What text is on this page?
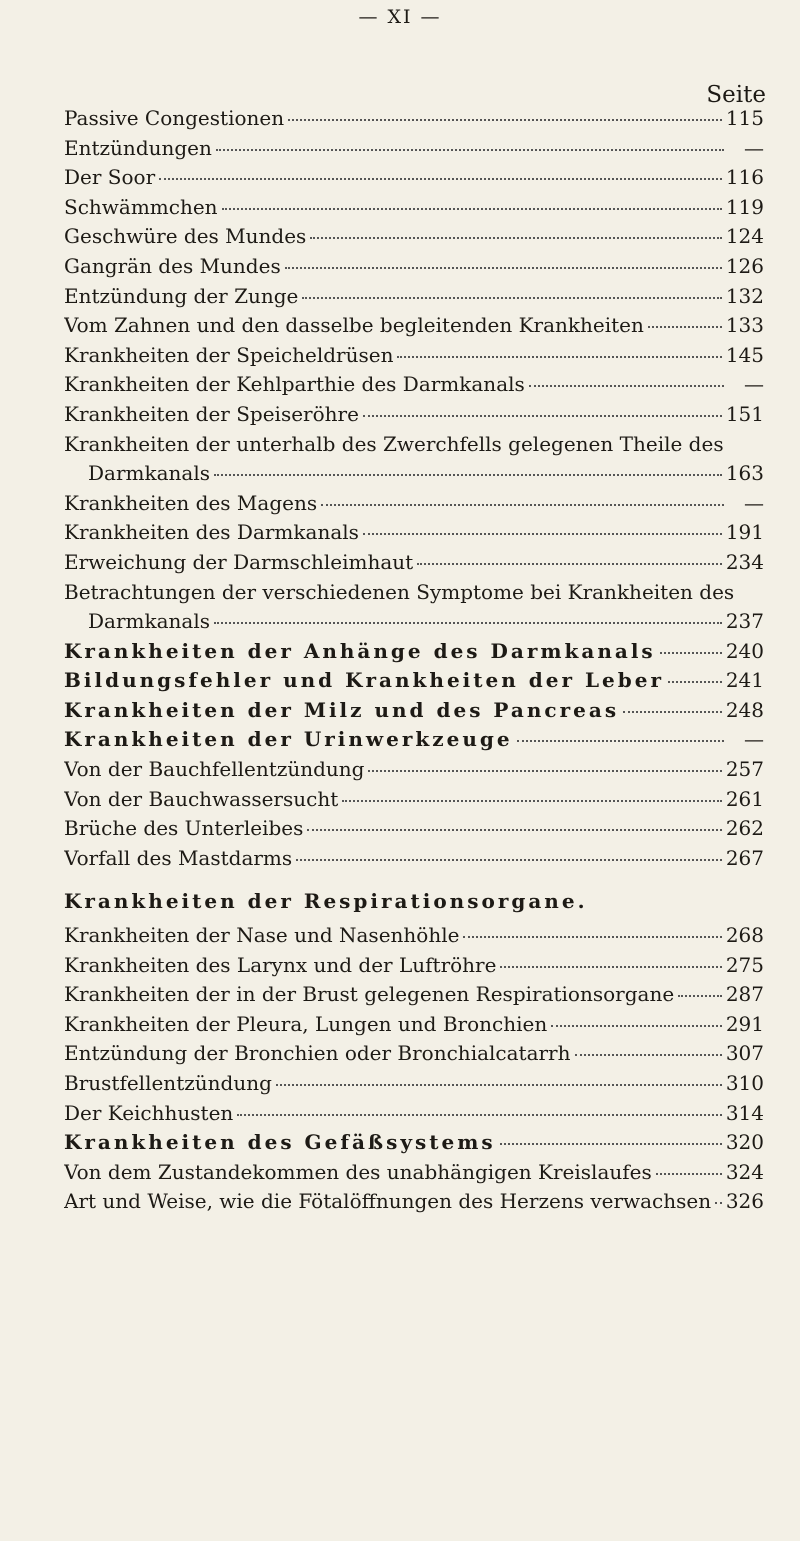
— XI —
Seite
Passive Congestionen	115
Entzündungen	—
Der Soor	116
Schwämmchen	119
Geschwüre des Mundes	124
Gangrän des Mundes	126
Entzündung der Zunge	132
Vom Zahnen und den dasselbe begleitenden Krankheiten	133
Krankheiten der Speicheldrüsen	145
Krankheiten der Kehlparthie des Darmkanals	—
Krankheiten der Speiseröhre	151
Krankheiten der unterhalb des Zwerchfells gelegenen Theile des
Darmkanals	163
Krankheiten des Magens	—
Krankheiten des Darmkanals	191
Erweichung der Darmschleimhaut	234
Betrachtungen der verschiedenen Symptome bei Krankheiten des
Darmkanals	237
Krankheiten der Anhänge des Darmkanals	240
Bildungsfehler und Krankheiten der Leber	241
Krankheiten der Milz und des Pancreas	248
Krankheiten der Urinwerkzeuge	—
Von der Bauchfellentzündung	257
Von der Bauchwassersucht	261
Brüche des Unterleibes	262
Vorfall des Mastdarms	267
Krankheiten der Respirationsorgane.
Krankheiten der Nase und Nasenhöhle	268
Krankheiten des Larynx und der Luftröhre	275
Krankheiten der in der Brust gelegenen Respirationsorgane	287
Krankheiten der Pleura, Lungen und Bronchien	291
Entzündung der Bronchien oder Bronchialcatarrh	307
Brustfellentzündung	310
Der Keichhusten	314
Krankheiten des Gefäßsystems	320
Von dem Zustandekommen des unabhängigen Kreislaufes	324
Art und Weise, wie die Fötalöffnungen des Herzens verwachsen 326
